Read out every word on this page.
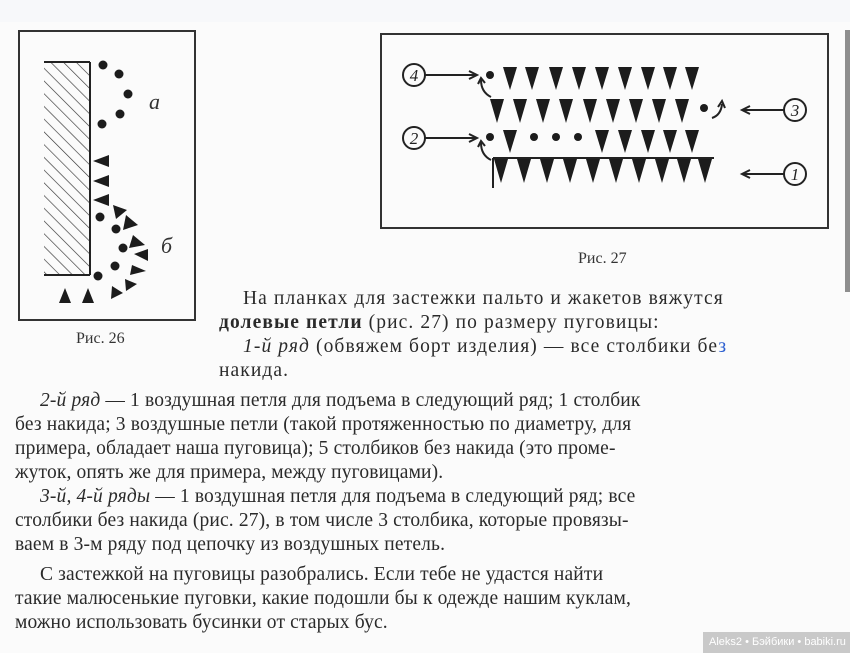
а
б
Рис. 26
4
2
3
1
Рис. 27
На планках для застежки пальто и жакетов вяжутся
долевые петли (рис. 27) по размеру пуговицы:
1-й ряд (обвяжем борт изделия) — все столбики без
накида.
2-й ряд — 1 воздушная петля для подъема в следующий ряд; 1 столбик
без накида; 3 воздушные петли (такой протяженностью по диаметру, для
примера, обладает наша пуговица); 5 столбиков без накида (это проме-
жуток, опять же для примера, между пуговицами).
3-й, 4-й ряды — 1 воздушная петля для подъема в следующий ряд; все
столбики без накида (рис. 27), в том числе 3 столбика, которые провязы-
ваем в 3-м ряду под цепочку из воздушных петель.
С застежкой на пуговицы разобрались. Если тебе не удастся найти
такие малюсенькие пуговки, какие подошли бы к одежде нашим куклам,
можно использовать бусинки от старых бус.
Aleks2 • Бэйбики • babiki.ru
